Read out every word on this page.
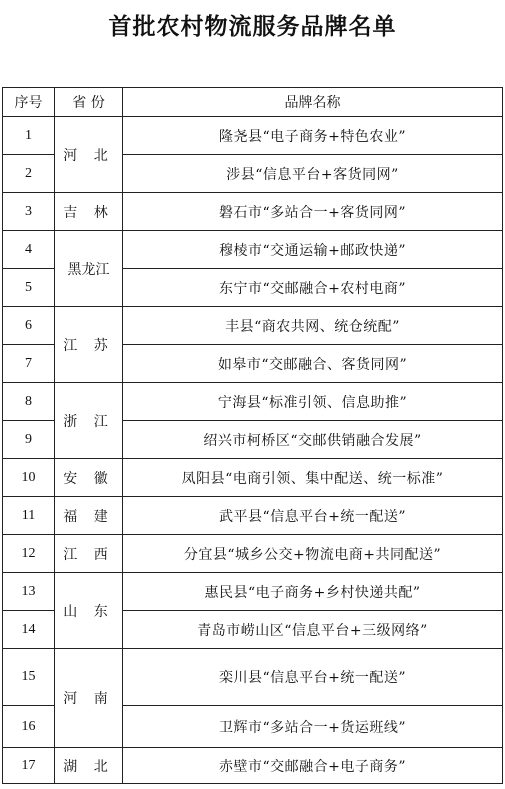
首批农村物流服务品牌名单
序号	省 份	品牌名称
1	河 北	隆尧县“电子商务+特色农业”
2		涉县“信息平台+客货同网”
3	吉 林	磐石市“多站合一+客货同网”
4	黑龙江	穆棱市“交通运输+邮政快递”
5		东宁市“交邮融合+农村电商”
6	江 苏	丰县“商农共网、统仓统配”
7		如皋市“交邮融合、客货同网”
8	浙 江	宁海县“标准引领、信息助推”
9		绍兴市柯桥区“交邮供销融合发展”
10	安 徽	凤阳县“电商引领、集中配送、统一标准”
11	福 建	武平县“信息平台+统一配送”
12	江 西	分宜县“城乡公交+物流电商+共同配送”
13	山 东	惠民县“电子商务+乡村快递共配”
14		青岛市崂山区“信息平台+三级网络”
15	河 南	栾川县“信息平台+统一配送”
16		卫辉市“多站合一+货运班线”
17	湖 北	赤壁市“交邮融合+电子商务”
